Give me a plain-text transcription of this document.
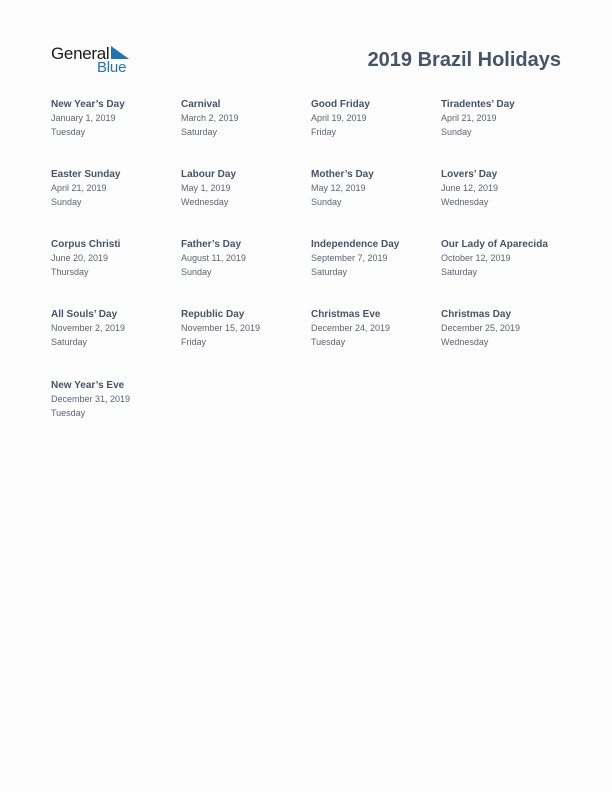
General
Blue	2019 Brazil Holidays
New Year’s Day
January 1, 2019
Tuesday
Carnival
March 2, 2019
Saturday
Good Friday
April 19, 2019
Friday
Tiradentes’ Day
April 21, 2019
Sunday
Easter Sunday
April 21, 2019
Sunday
Labour Day
May 1, 2019
Wednesday
Mother’s Day
May 12, 2019
Sunday
Lovers’ Day
June 12, 2019
Wednesday
Corpus Christi
June 20, 2019
Thursday
Father’s Day
August 11, 2019
Sunday
Independence Day
September 7, 2019
Saturday
Our Lady of Aparecida
October 12, 2019
Saturday
All Souls’ Day
November 2, 2019
Saturday
Republic Day
November 15, 2019
Friday
Christmas Eve
December 24, 2019
Tuesday
Christmas Day
December 25, 2019
Wednesday
New Year’s Eve
December 31, 2019
Tuesday
